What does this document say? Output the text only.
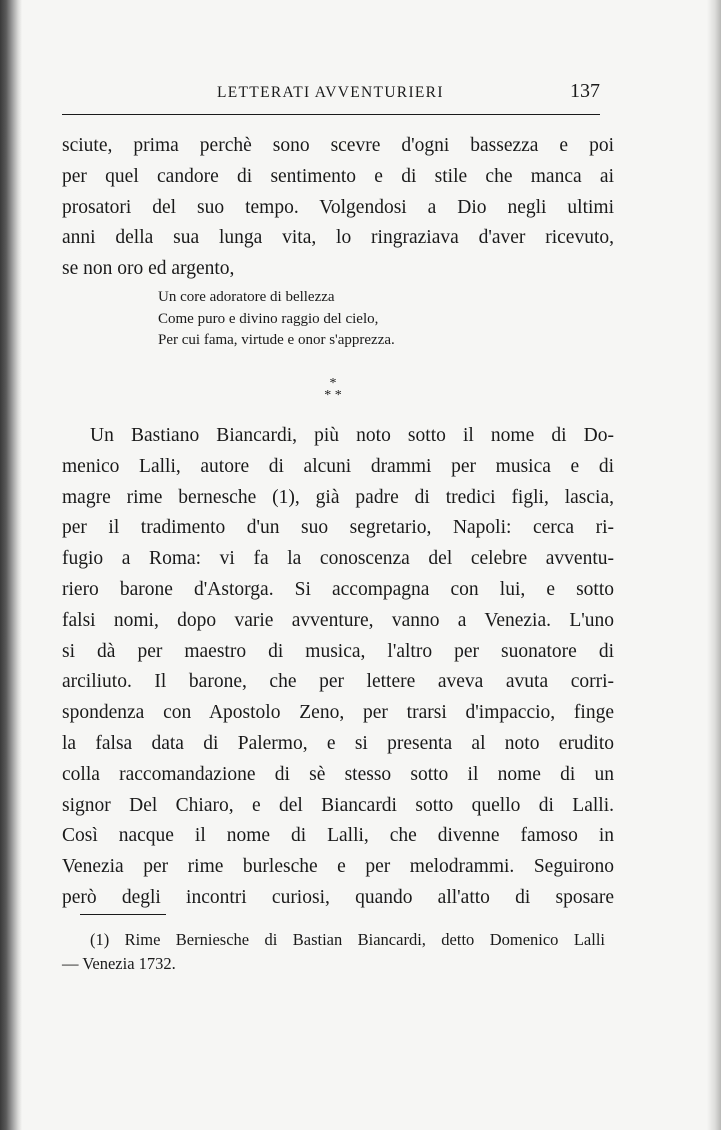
LETTERATI AVVENTURIERI	137
sciute, prima perchè sono scevre d'ogni bassezza e poi
per quel candore di sentimento e di stile che manca ai
prosatori del suo tempo. Volgendosi a Dio negli ultimi
anni della sua lunga vita, lo ringraziava d'aver ricevuto,
se non oro ed argento,
Un core adoratore di bellezza
Come puro e divino raggio del cielo,
Per cui fama, virtude e onor s'apprezza.
*
* *
Un Bastiano Biancardi, più noto sotto il nome di Do-
menico Lalli, autore di alcuni drammi per musica e di
magre rime bernesche (1), già padre di tredici figli, lascia,
per il tradimento d'un suo segretario, Napoli: cerca ri-
fugio a Roma: vi fa la conoscenza del celebre avventu-
riero barone d'Astorga. Si accompagna con lui, e sotto
falsi nomi, dopo varie avventure, vanno a Venezia. L'uno
si dà per maestro di musica, l'altro per suonatore di
arciliuto. Il barone, che per lettere aveva avuta corri-
spondenza con Apostolo Zeno, per trarsi d'impaccio, finge
la falsa data di Palermo, e si presenta al noto erudito
colla raccomandazione di sè stesso sotto il nome di un
signor Del Chiaro, e del Biancardi sotto quello di Lalli.
Così nacque il nome di Lalli, che divenne famoso in
Venezia per rime burlesche e per melodrammi. Seguirono
però degli incontri curiosi, quando all'atto di sposare
(1) Rime Berniesche di Bastian Biancardi, detto Domenico Lalli
— Venezia 1732.
